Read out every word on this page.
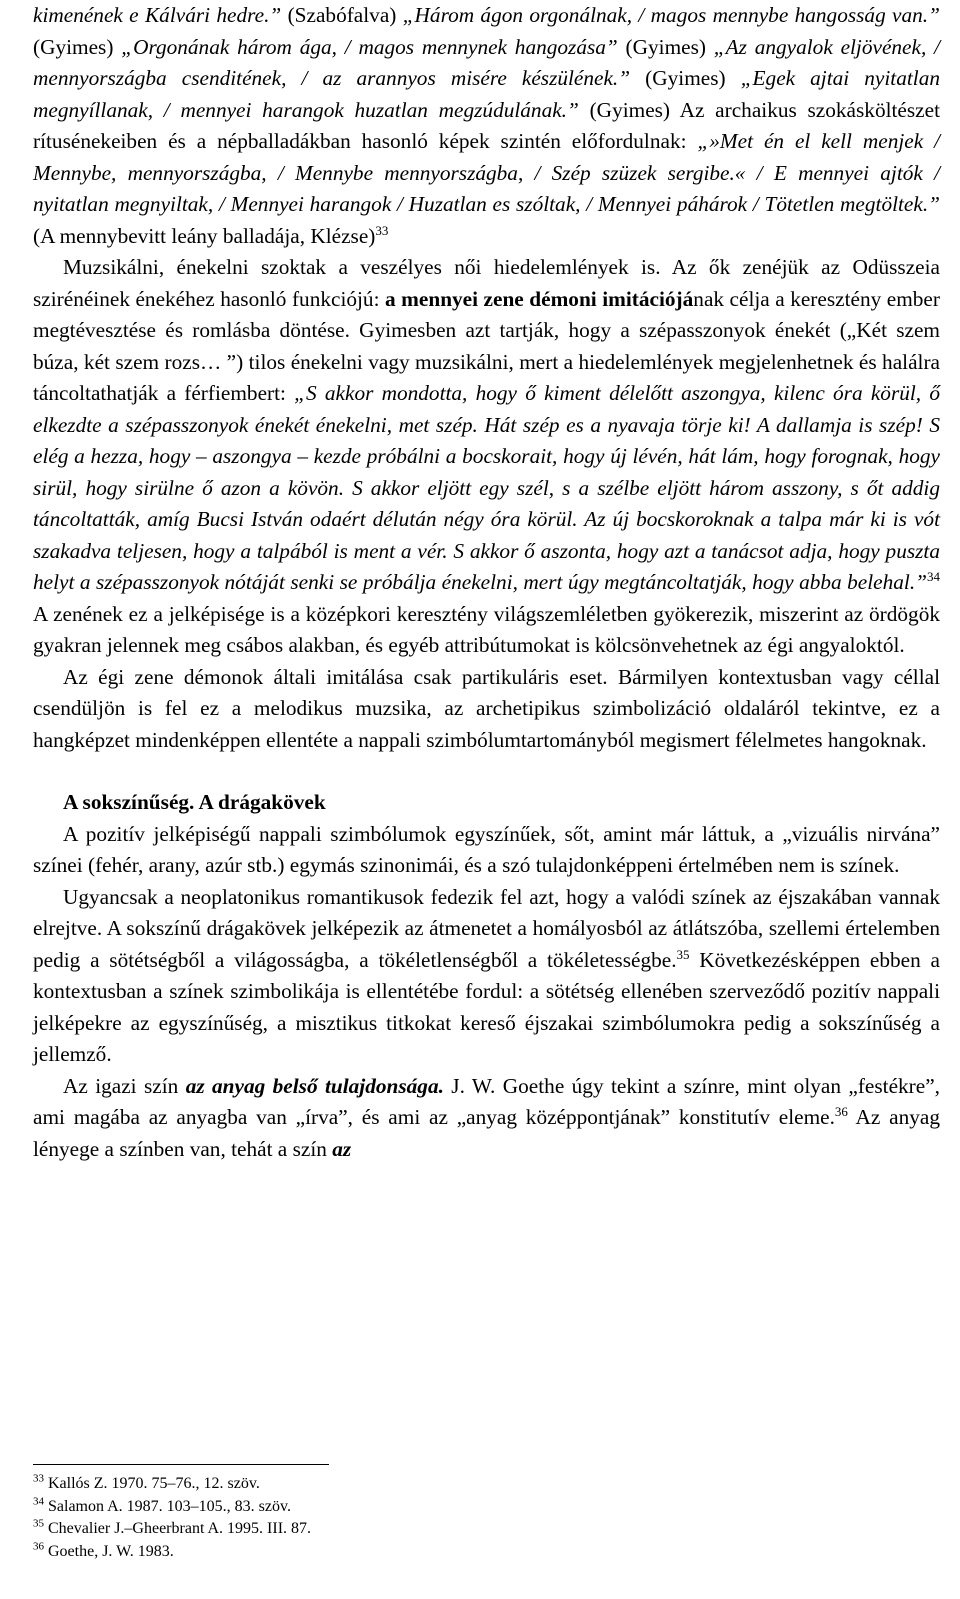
kimenének e Kálvári hedre.” (Szabófalva) „Három ágon orgonálnak, / magos mennybe hangosság van.” (Gyimes) „Orgonának három ága, / magos mennynek hangozása” (Gyimes) „Az angyalok eljövének, / mennyországba csenditének, / az arannyos misére készülének.” (Gyimes) „Egek ajtai nyitatlan megnyíllanak, / mennyei harangok huzatlan megzúdulának.” (Gyimes) Az archaikus szokásköltészet rítusénekeiben és a népballadákban hasonló képek szintén előfordulnak: „»Met én el kell menjek / Mennybe, mennyországba, / Mennybe mennyországba, / Szép szüzek sergibe.« / E mennyei ajtók / nyitatlan megnyiltak, / Mennyei harangok / Huzatlan es szóltak, / Mennyei páhárok / Tötetlen megtöltek.” (A mennybevitt leány balladája, Klézse)$^{33}$

Muzsikálni, énekelni szoktak a veszélyes női hiedelemlények is. Az ők zenéjük az Odüsszeia szirénéinek énekéhez hasonló funkciójú: a mennyei zene démoni imitációjának célja a keresztény ember megtévesztése és romlásba döntése. Gyimesben azt tartják, hogy a szépasszonyok énekét („Két szem búza, két szem rozs… ”) tilos énekelni vagy muzsikálni, mert a hiedelemlények megjelenhetnek és halálra táncoltathatják a férfiembert: „S akkor mondotta, hogy ő kiment délelőtt aszongya, kilenc óra körül, ő elkezdte a szépasszonyok énekét énekelni, met szép. Hát szép es a nyavaja törje ki! A dallamja is szép! S elég a hezza, hogy – aszongya – kezde próbálni a bocskorait, hogy új lévén, hát lám, hogy forognak, hogy sirül, hogy sirülne ő azon a kövön. S akkor eljött egy szél, s a szélbe eljött három asszony, s őt addig táncoltatták, amíg Bucsi István odaért délután négy óra körül. Az új bocskoroknak a talpa már ki is vót szakadva teljesen, hogy a talpából is ment a vér. S akkor ő aszonta, hogy azt a tanácsot adja, hogy puszta helyt a szépasszonyok nótáját senki se próbálja énekelni, mert úgy megtáncoltatják, hogy abba belehal.”$^{34}$ A zenének ez a jelképisége is a középkori keresztény világszemléletben gyökerezik, miszerint az ördögök gyakran jelennek meg csábos alakban, és egyéb attribútumokat is kölcsönvehetnek az égi angyaloktól.

Az égi zene démonok általi imitálása csak partikuláris eset. Bármilyen kontextusban vagy céllal csendüljön is fel ez a melodikus muzsika, az archetipikus szimbolizáció oldaláról tekintve, ez a hangképzet mindenképpen ellentéte a nappali szimbólumtartományból megismert félelmetes hangoknak.

A sokszínűség. A drágakövek

A pozitív jelképiségű nappali szimbólumok egyszínűek, sőt, amint már láttuk, a „vizuális nirvána” színei (fehér, arany, azúr stb.) egymás szinonimái, és a szó tulajdonképpeni értelmében nem is színek.

Ugyancsak a neoplatonikus romantikusok fedezik fel azt, hogy a valódi színek az éjszakában vannak elrejtve. A sokszínű drágakövek jelképezik az átmenetet a homályosból az átlátszóba, szellemi értelemben pedig a sötétségből a világosságba, a tökéletlenségből a tökéletességbe.$^{35}$ Következésképpen ebben a kontextusban a színek szimbolikája is ellentétébe fordul: a sötétség ellenében szerveződő pozitív nappali jelképekre az egyszínűség, a misztikus titkokat kereső éjszakai szimbólumokra pedig a sokszínűség a jellemző.

Az igazi szín az anyag belső tulajdonsága. J. W. Goethe úgy tekint a színre, mint olyan „festékre”, ami magába az anyagba van „írva”, és ami az „anyag középpontjának” konstitutív eleme.$^{36}$ Az anyag lényege a színben van, tehát a szín az

$^{33}$ Kallós Z. 1970. 75–76., 12. szöv.
$^{34}$ Salamon A. 1987. 103–105., 83. szöv.
$^{35}$ Chevalier J.–Gheerbrant A. 1995. III. 87.
$^{36}$ Goethe, J. W. 1983.
